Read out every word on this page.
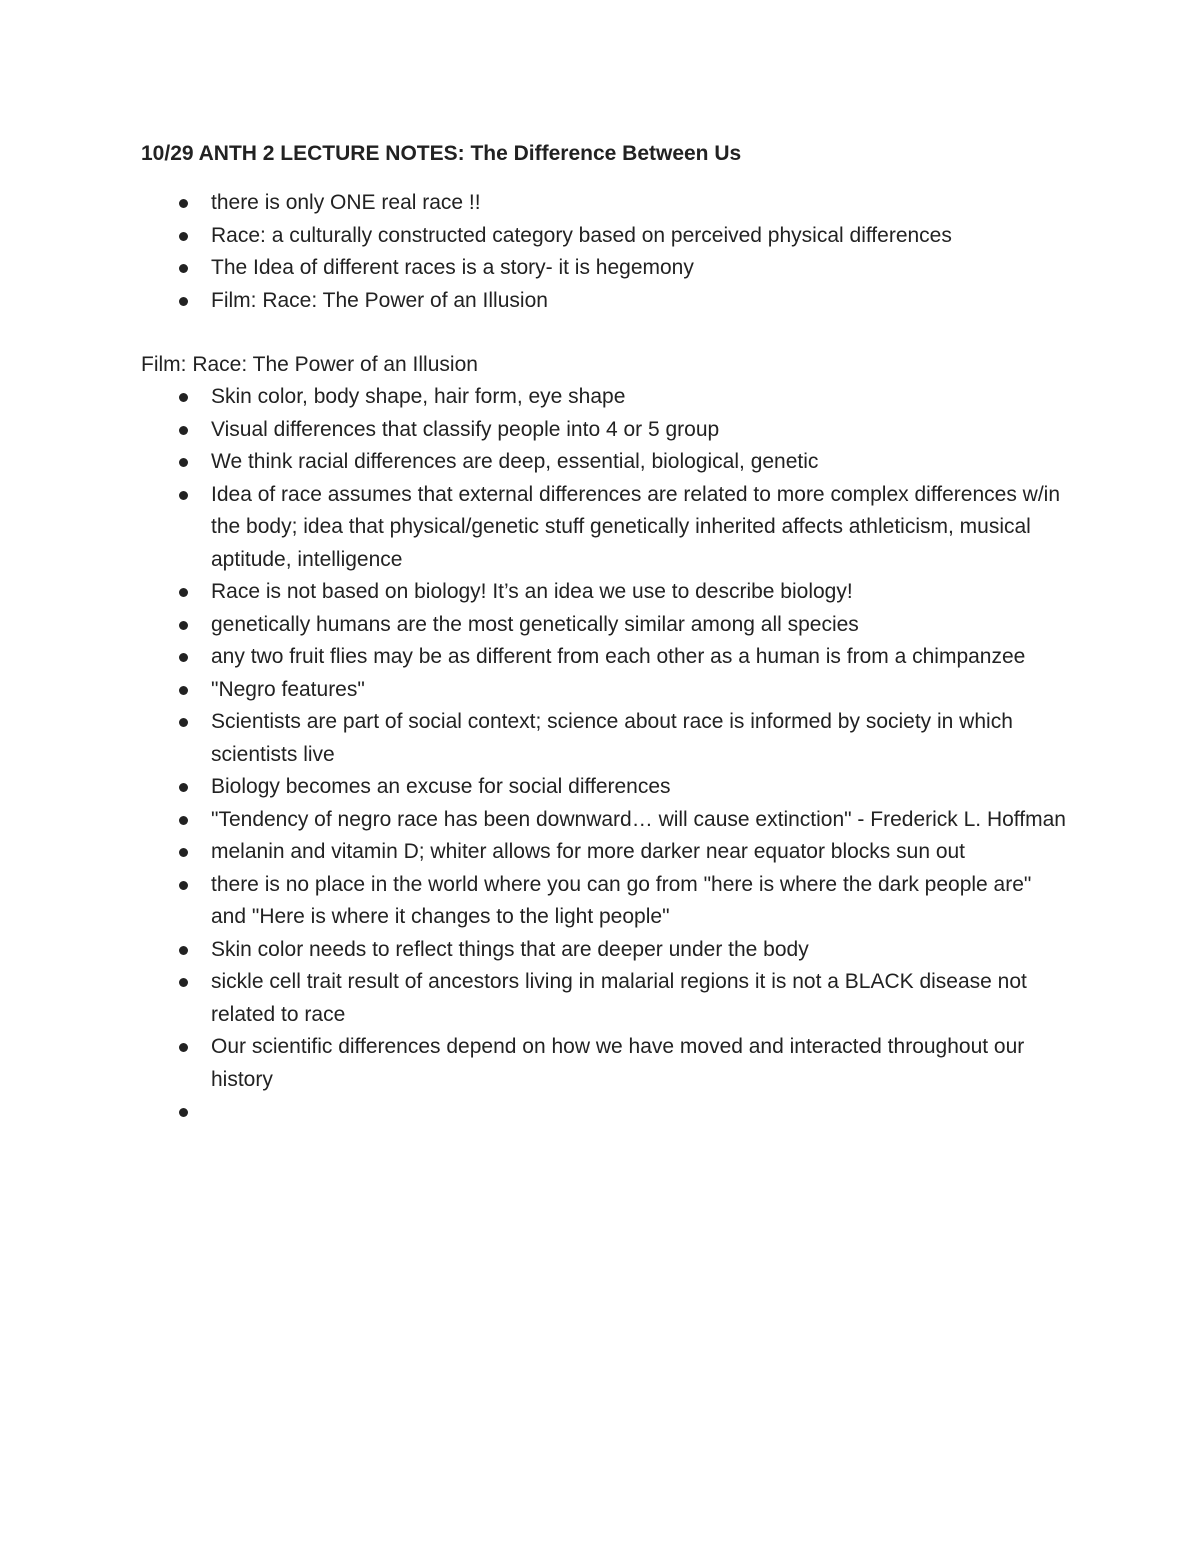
10/29 ANTH 2 LECTURE NOTES: The Difference Between Us
there is only ONE real race !!
Race: a culturally constructed category based on perceived physical differences
The Idea of different races is a story- it is hegemony
Film: Race: The Power of an Illusion
Film: Race: The Power of an Illusion
Skin color, body shape, hair form, eye shape
Visual differences that classify people into 4 or 5 group
We think racial differences are deep, essential, biological, genetic
Idea of race assumes that external differences are related to more complex differences w/in the body; idea that physical/genetic stuff genetically inherited affects athleticism, musical aptitude, intelligence
Race is not based on biology! It’s an idea we use to describe biology!
genetically humans are the most genetically similar among all species
any two fruit flies may be as different from each other as a human is from a chimpanzee
"Negro features"
Scientists are part of social context; science about race is informed by society in which scientists live
Biology becomes an excuse for social differences
"Tendency of negro race has been downward… will cause extinction" - Frederick L. Hoffman
melanin and vitamin D; whiter allows for more darker near equator blocks sun out
there is no place in the world where you can go from "here is where the dark people are" and "Here is where it changes to the light people"
Skin color needs to reflect things that are deeper under the body
sickle cell trait result of ancestors living in malarial regions it is not a BLACK disease not related to race
Our scientific differences depend on how we have moved and interacted throughout our history
